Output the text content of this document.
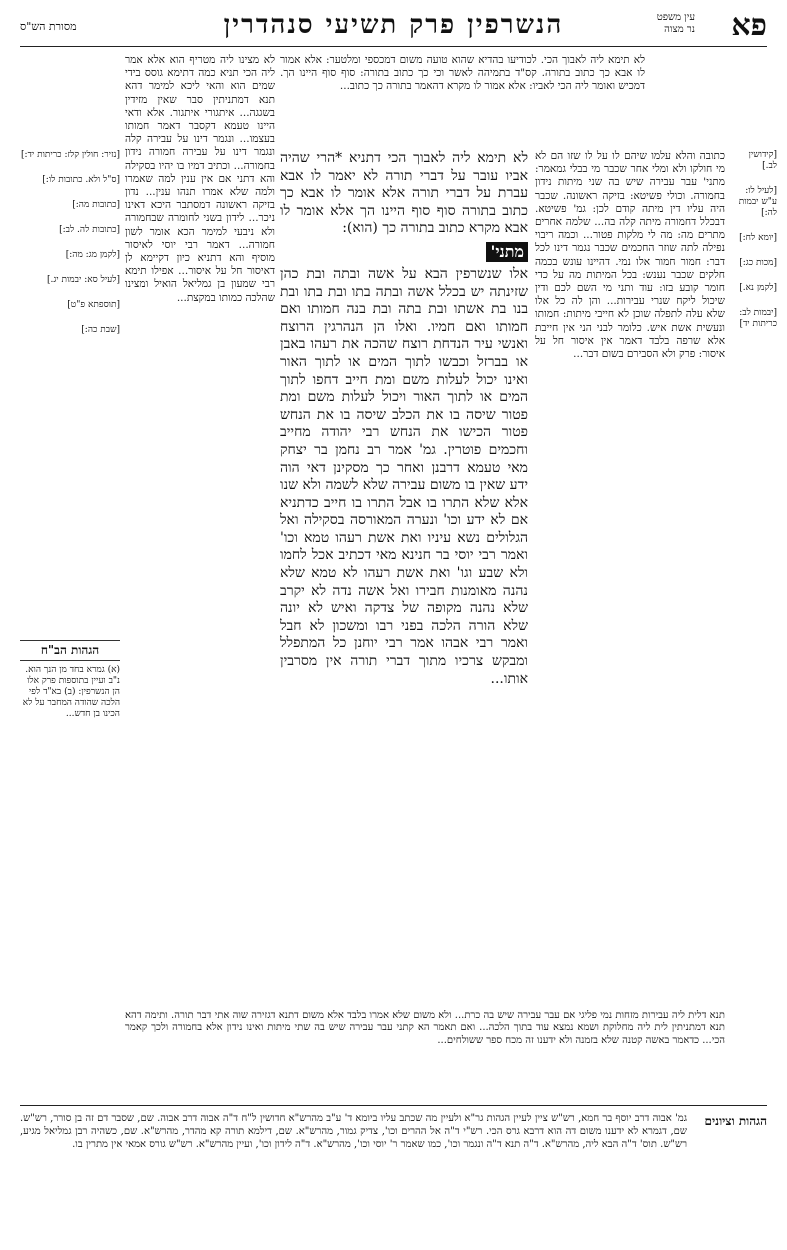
פא
עין משפט
נר מצוה
הנשרפין פרק תשיעי סנהדרין
מסורת הש"ס
לא תימא ליה לאבוך הכי. לכודיעו בהדיא שהוא טועה משום דמכספי ומלטער: אלא אמור לו אבא כך כתוב בתורה. קס"ד בתמיהה לאשר וכי כך כתוב בתורה: סוף סוף היינו הך. דמכיש ואומר ליה הכי לאביו: אלא אמור לו מקרא דהאמר בתורה כך כתוב...
[קידושין לב.]
[לעיל לו: ע"ש יבמות לה:]
[יומא לח:]
[מכות כג:]
[לקמן נא.]
[יבמות לב: כריתות יד]
כתובה והלא עלמו שיהם לו על לו שזו הם לא מי חולקו ולא ומלי אחר שכבר מי בבלי גמאמר: מתני' עבר עבירה שיש בה שני מיתות נידון בחמורה. וכולי פשיטא: בזיקה ראשונה. שכבר היה עליו דין מיתה קודם לכן: גמ' פשיטא. דבכלל דחמורה מיתה קלה בה... שלמה אחרים מתרים מה: מה לי מלקות פטור... וכמה ריבוי נפילה לתה שוזר החכמים שכבר נגמר דינו לכל דבר: חמור חמור אלו נמי. דהיינו עונש בכמה חלקים שכבר נענש: בכל המיתות מה על כדי חומר קובע בזו: עוד ותני מי השם לכם ודין שיכול ליקח שנרי עבירות... והן לה כל אלו שלא עלה לתפלה שוכן לא חייבי מיתות: חמותו ונעשית אשת איש. כלומר לבני הני אין חייבת אלא שרפה בלבד דאמר אין איסור חל על איסור: פרק ולא הסבירם בשום דבר...
לא תימא ליה לאבוך הכי דתניא *הרי שהיה אביו עובר על דברי תורה לא יאמר לו אבא עברת על דברי תורה אלא אומר לו אבא כך כתוב בתורה סוף סוף היינו הך אלא אומר לו אבא ‏מקרא כתוב בתורה כך (הוא):
מתני'
אלו שנשרפין הבא על אשה ובתה ובת כהן שזינתה יש בכלל אשה ובתה בתו ובת בתו ובת בנו בת אשתו ובת בתה ובת בנה חמותו ואם חמותו ואם חמיו. ואלו הן הנהרגין הרוצח ואנשי עיר הנדחת רוצח שהכה את רעהו באבן או בברזל וכבשו לתוך המים או לתוך האור ואינו יכול לעלות משם ומת חייב דחפו לתוך המים או לתוך האור ויכול לעלות משם ומת פטור שיסה בו את הכלב שיסה בו את הנחש פטור הכישו את הנחש רבי יהודה מחייב וחכמים פוטרין. גמ' אמר רב נחמן בר יצחק מאי טעמא דרבנן ואחר כך מסקינן דאי הוה ידע שאין בו משום עבירה שלא לשמה ולא שנו אלא שלא התרו בו אבל התרו בו חייב כדתניא אם לא ידע וכו' ונערה המאורסה בסקילה ואל הגלולים נשא עיניו ואת אשת רעהו טמא וכו' ואמר רבי יוסי בר חנינא מאי דכתיב אכל לחמו ולא שבע וגו' ואת אשת רעהו לא טמא שלא נהנה מאומנות חבירו ואל אשה נדה לא יקרב שלא נהנה מקופה של צדקה ואיש לא יונה שלא הורה הלכה בפני רבו ומשכון לא חבל ואמר רבי אבהו אמר רבי יוחנן כל המתפלל ומבקש צרכיו מתוך דברי תורה אין מסרבין אותו...
לא מצינו ליה מטריף הוא אלא אמר ליה הכי תניא כמה דתימא גוסס בידי שמים הוא והאי ליכא למימר דהא תנא דמתניתין סבר שאין מזידין בשגגה... איתגורי איתגור. אלא ודאי היינו טעמא דקסבר דאמר חמותו בעצמו... ונגמר דינו על עבירה קלה ונגמר דינו על עבירה חמורה נידון בחמורה... וכתיב דמיו בו יהיו בסקילה והא דתני אם אין ענין למה שאמרו ולמה שלא אמרו תנהו ענין... נדון בזיקה ראשונה דמסתבר היכא דאינו ניכר... לידון בשני לחומרה שבחמורה ולא ניבעי למימר הכא אומר לשון חמורה... דאמר רבי יוסי לאיסור מוסיף והא דתניא כיון דקיימא לן דאיסור חל על איסור... אפילו תימא רבי שמעון בן גמליאל הואיל ומצינו שהלכה כמותו במקצת...
[נזיר: חולין קלז: כריתות יד:]
[ס"ל ולא. כתובות לו:]
[כתובות מה:]
[כתובות לה. לב:]
[לקמן מג: מה:]
[לעיל סא: יבמות יג.]
[תוספתא פ"ט]
[שבת כה:]
הגהות הב"ח
(א) גמרא בחד מן הנך הוא. נ"ב ועיין בתוספות פרק אלו הן הנשרפין: (ב) בא"ד לפי הלכה שהודה המחבר על לא הכינו בן חדש...
תנא דלית ליה עבירות מזחות נמי פליגי אם עבר עבירה שיש בה כרת... ולא משום שלא אמרו בלבד אלא משום דתנא דגזירה שוה אתי דבר תורה. ותימה דהא תנא דמתניתין לית ליה מחלוקת ושמא נמצא עוד בתוך הלכה... ואם תאמר הא קתני עבר עבירה שיש בה שתי מיתות ואינו נידון אלא בחמורה ולכך קאמר הכי... כדאמר באשה קטנה שלא בזמנה ולא ידענו זה מכח ספר ששולחים...
הגהות וציונים
גמ' אבוה דרב יוסף בר חמא, רש"ש ציין לעיין הגהות גר"א ולעיין מה שכתב עליו ביומא ד' ע"ב מהרש"א חדושין ל"ח ד"ה אבוה דרב אבוה. שם, שסבר דם זה בן סורר, רש"ש. שם, דגמרא לא ידענו משום דה הוא דרבא גרס הכי. רש"י ד"ה אל ההרים וכו', צדיק גמור, מהרש"א. שם, דילמא תורה קא מהדר, מהרש"א. שם, כשהיה רבן גמליאל מגיע, רש"ש. תוס' ד"ה הבא ליה, מהרש"א. ד"ה תנא ד"ה ונגמר וכו', כמו שאמר ר' יוסי וכו', מהרש"א. ד"ה לידון וכו', ועיין מהרש"א. רש"ש גורס אמאי אין מתרין בו.
